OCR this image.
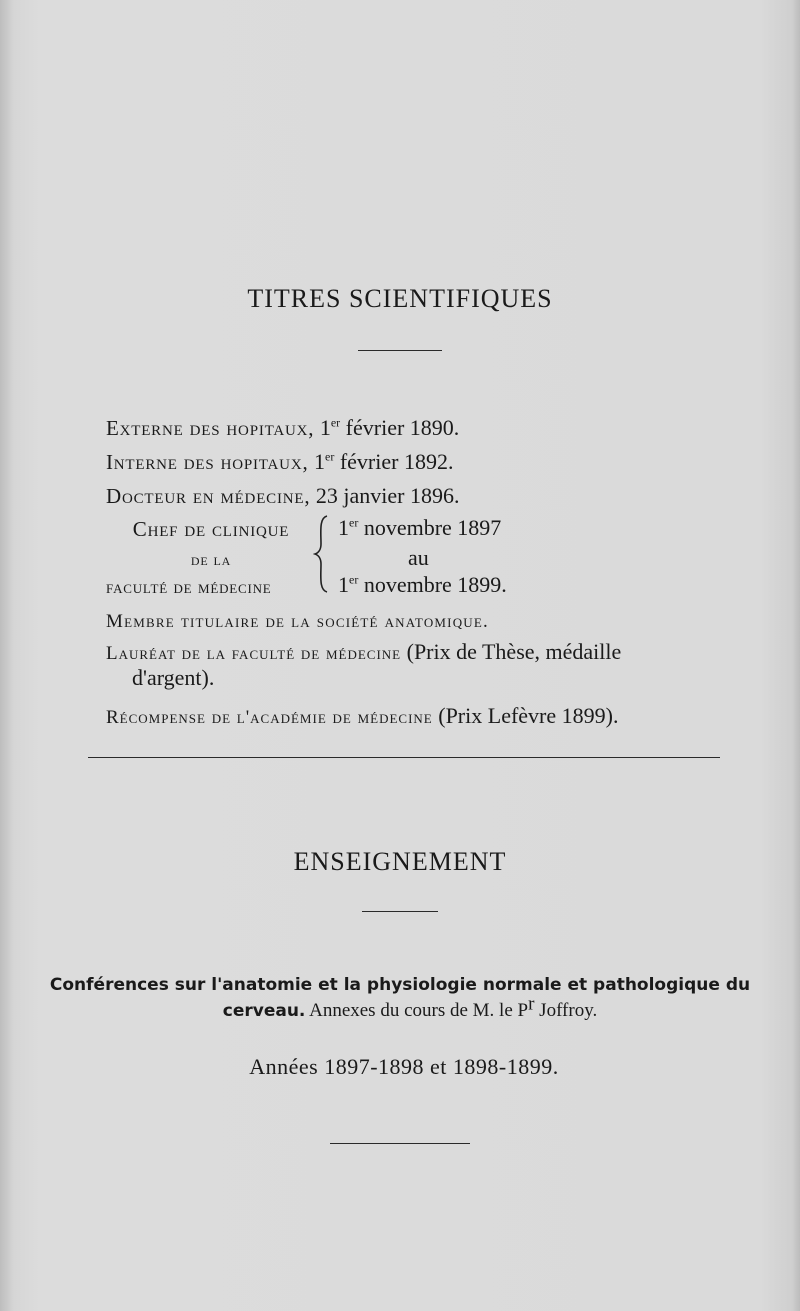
TITRES SCIENTIFIQUES
Externe des hopitaux, 1er février 1890.
Interne des hopitaux, 1er février 1892.
Docteur en médecine, 23 janvier 1896.
Chef de clinique
de la
faculté de médecine
1er novembre 1897
au
1er novembre 1899.
Membre titulaire de la société anatomique.
Lauréat de la faculté de médecine (Prix de Thèse, médaille
d'argent).
Récompense de l'académie de médecine (Prix Lefèvre 1899).
ENSEIGNEMENT
Conférences sur l'anatomie et la physiologie normale et pathologique du
cerveau. Annexes du cours de M. le $P^r$ Joffroy.
Années 1897-1898 et 1898-1899.
